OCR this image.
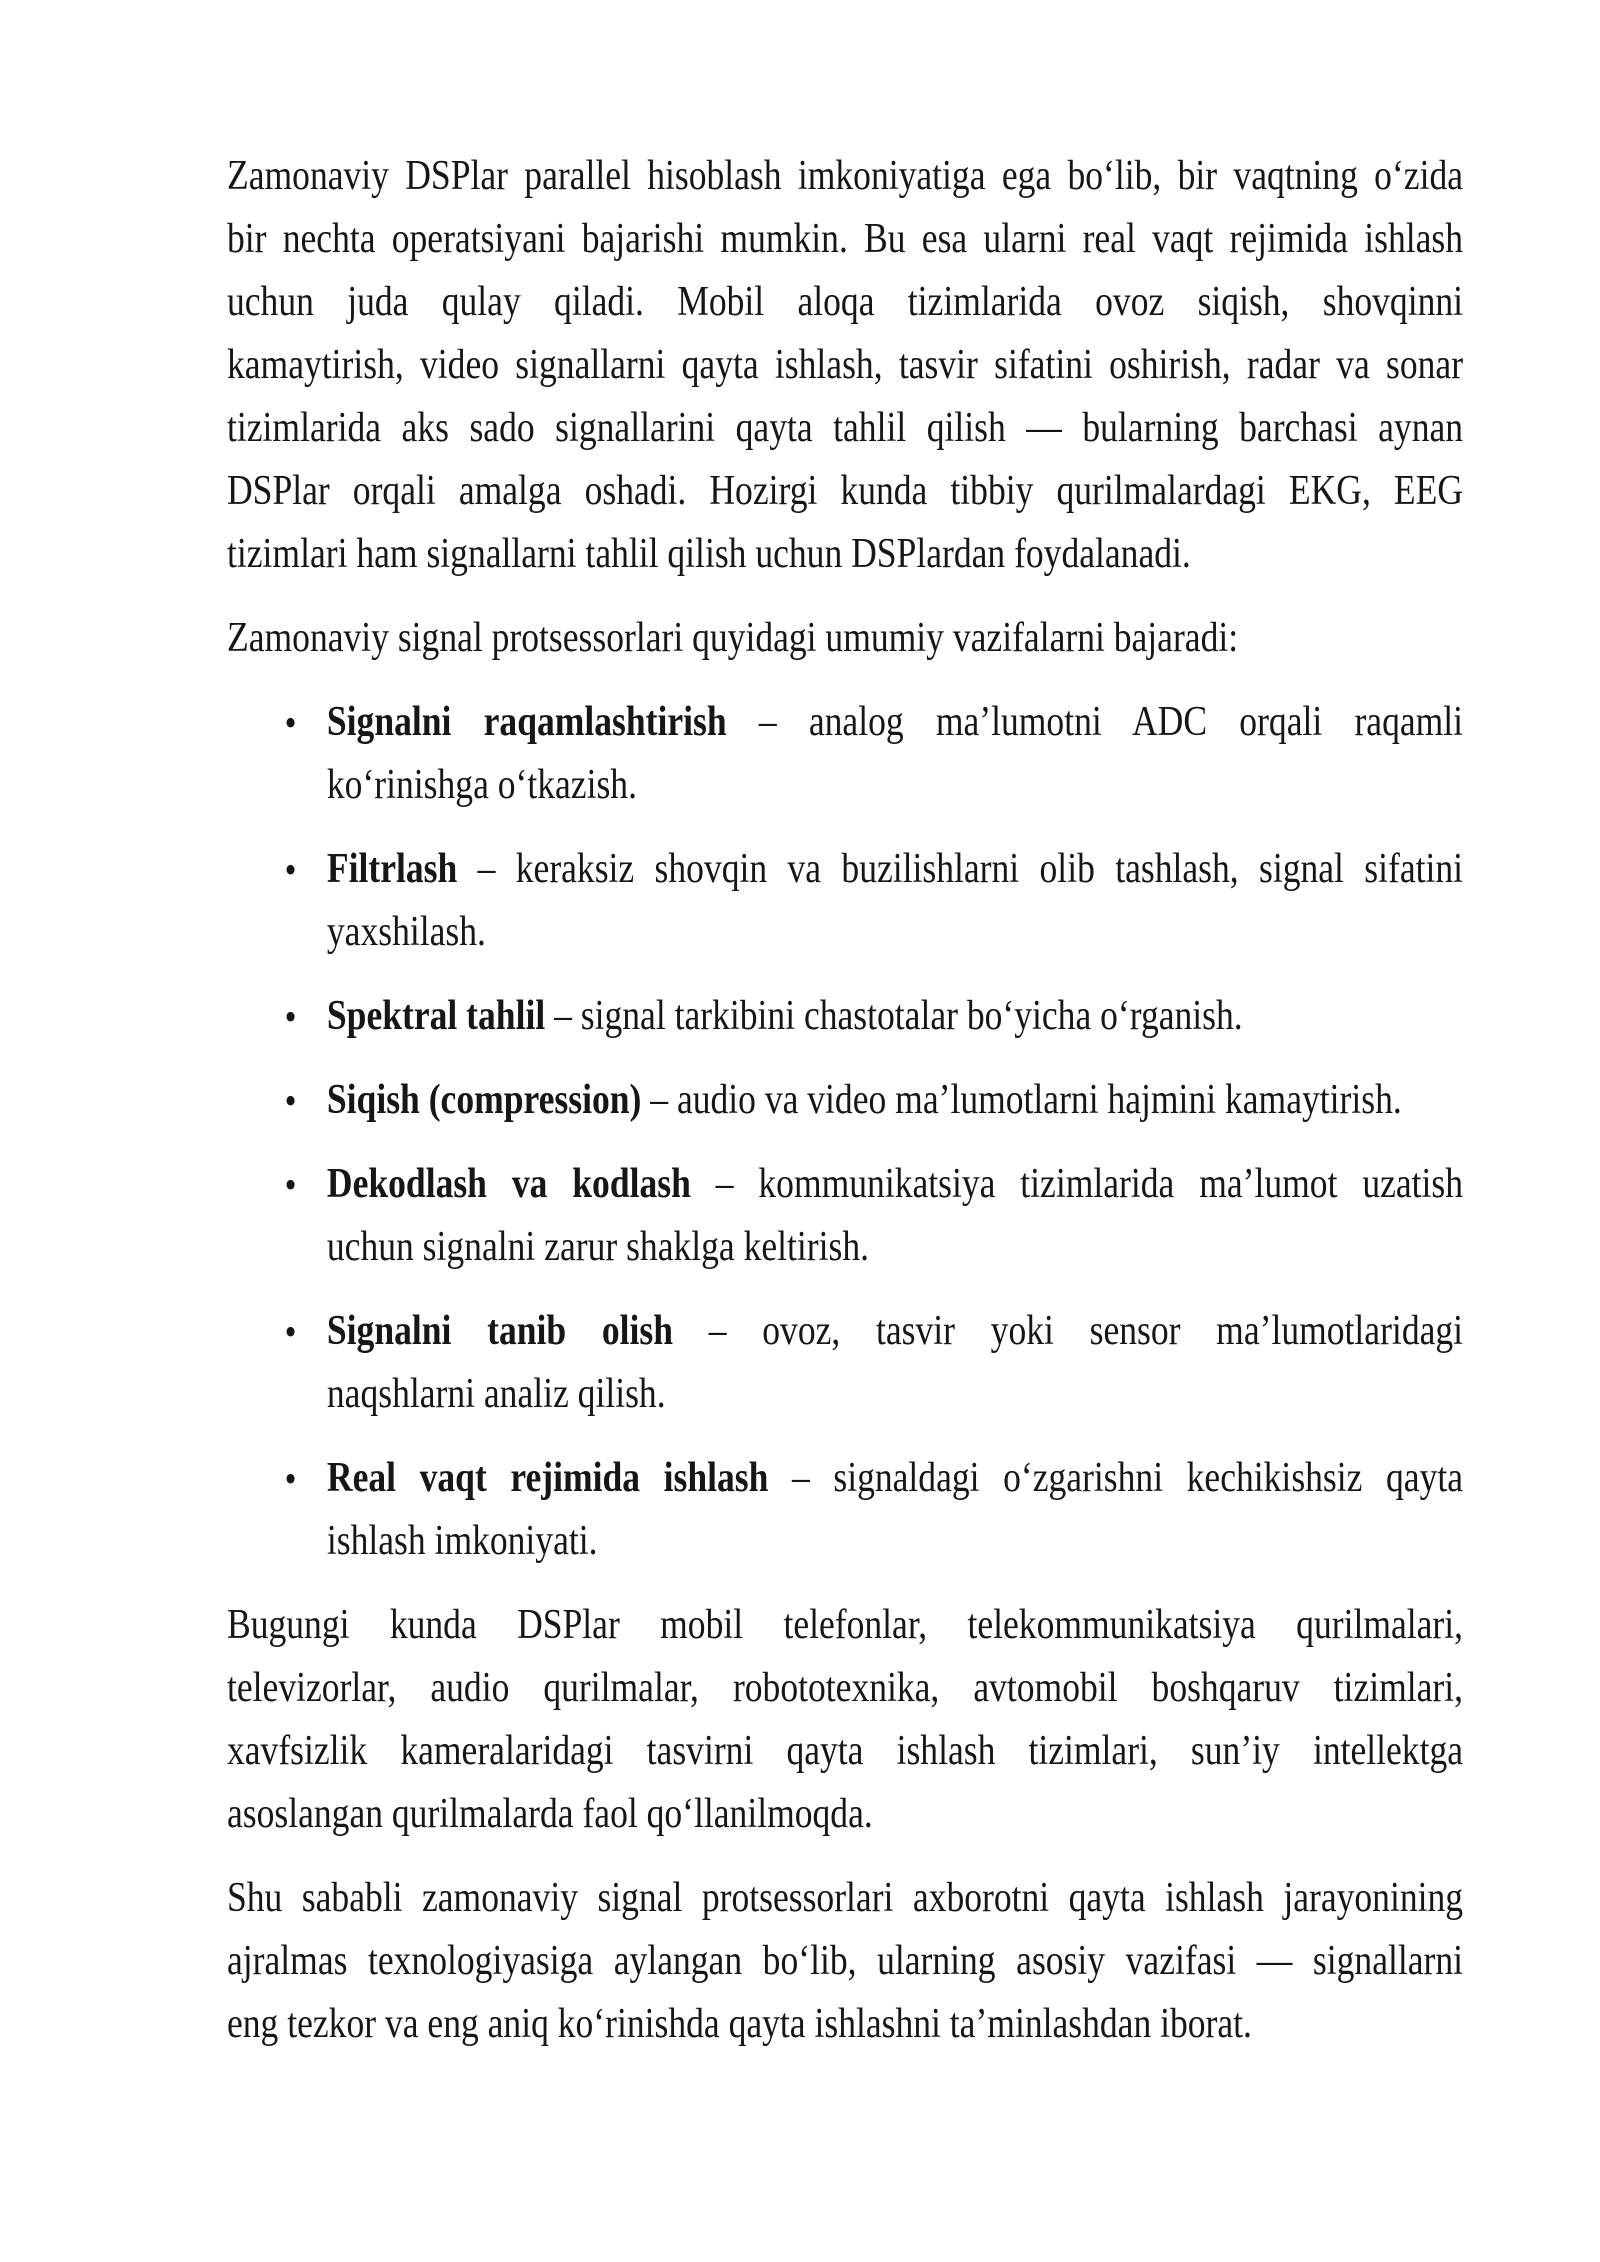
Zamonaviy DSPlar parallel hisoblash imkoniyatiga ega bo‘lib, bir vaqtning o‘zida
bir nechta operatsiyani bajarishi mumkin. Bu esa ularni real vaqt rejimida ishlash
uchun juda qulay qiladi. Mobil aloqa tizimlarida ovoz siqish, shovqinni
kamaytirish, video signallarni qayta ishlash, tasvir sifatini oshirish, radar va sonar
tizimlarida aks sado signallarini qayta tahlil qilish — bularning barchasi aynan
DSPlar orqali amalga oshadi. Hozirgi kunda tibbiy qurilmalardagi EKG, EEG
tizimlari ham signallarni tahlil qilish uchun DSPlardan foydalanadi.
Zamonaviy signal protsessorlari quyidagi umumiy vazifalarni bajaradi:
• Signalni raqamlashtirish – analog ma’lumotni ADC orqali raqamli
ko‘rinishga o‘tkazish.
• Filtrlash – keraksiz shovqin va buzilishlarni olib tashlash, signal sifatini
yaxshilash.
• Spektral tahlil – signal tarkibini chastotalar bo‘yicha o‘rganish.
• Siqish (compression) – audio va video ma’lumotlarni hajmini kamaytirish.
• Dekodlash va kodlash – kommunikatsiya tizimlarida ma’lumot uzatish
uchun signalni zarur shaklga keltirish.
• Signalni tanib olish – ovoz, tasvir yoki sensor ma’lumotlaridagi
naqshlarni analiz qilish.
• Real vaqt rejimida ishlash – signaldagi o‘zgarishni kechikishsiz qayta
ishlash imkoniyati.
Bugungi kunda DSPlar mobil telefonlar, telekommunikatsiya qurilmalari,
televizorlar, audio qurilmalar, robototexnika, avtomobil boshqaruv tizimlari,
xavfsizlik kameralaridagi tasvirni qayta ishlash tizimlari, sun’iy intellektga
asoslangan qurilmalarda faol qo‘llanilmoqda.
Shu sababli zamonaviy signal protsessorlari axborotni qayta ishlash jarayonining
ajralmas texnologiyasiga aylangan bo‘lib, ularning asosiy vazifasi — signallarni
eng tezkor va eng aniq ko‘rinishda qayta ishlashni ta’minlashdan iborat.
